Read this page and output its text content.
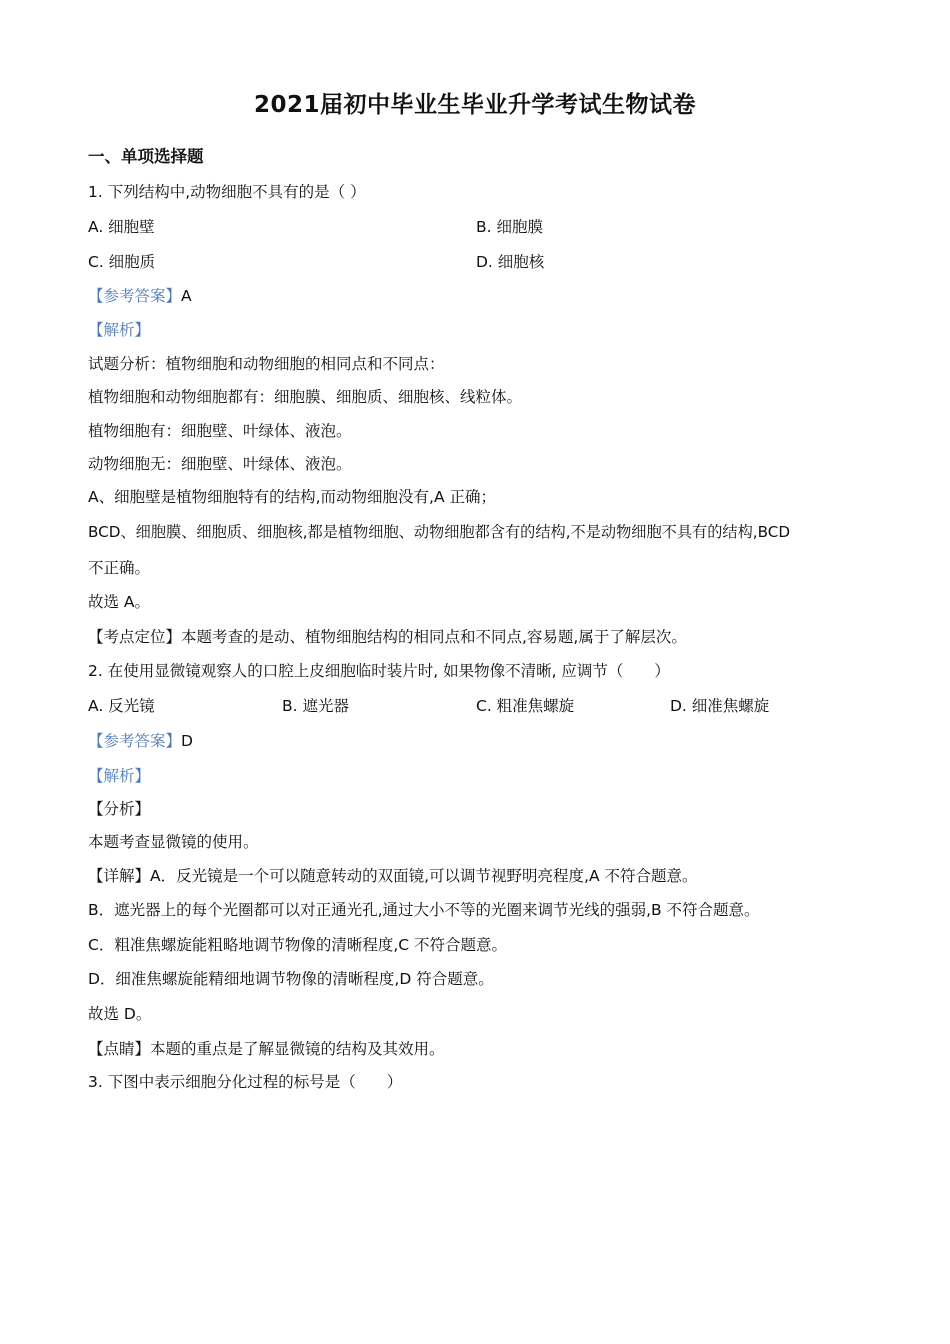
2021届初中毕业生毕业升学考试生物试卷
一、单项选择题
1. 下列结构中,动物细胞不具有的是（ ）
A. 细胞壁	B. 细胞膜
C. 细胞质	D. 细胞核
【参考答案】A
【解析】
试题分析：植物细胞和动物细胞的相同点和不同点：
植物细胞和动物细胞都有：细胞膜、细胞质、细胞核、线粒体。
植物细胞有：细胞壁、叶绿体、液泡。
动物细胞无：细胞壁、叶绿体、液泡。
A、细胞壁是植物细胞特有的结构,而动物细胞没有,A 正确；
BCD、细胞膜、细胞质、细胞核,都是植物细胞、动物细胞都含有的结构,不是动物细胞不具有的结构,BCD
不正确。
故选 A。
【考点定位】本题考查的是动、植物细胞结构的相同点和不同点,容易题,属于了解层次。
2. 在使用显微镜观察人的口腔上皮细胞临时装片时, 如果物像不清晰, 应调节（　　）
A. 反光镜	B. 遮光器	C. 粗准焦螺旋	D. 细准焦螺旋
【参考答案】D
【解析】
【分析】
本题考查显微镜的使用。
【详解】A．反光镜是一个可以随意转动的双面镜,可以调节视野明亮程度,A 不符合题意。
B．遮光器上的每个光圈都可以对正通光孔,通过大小不等的光圈来调节光线的强弱,B 不符合题意。
C．粗准焦螺旋能粗略地调节物像的清晰程度,C 不符合题意。
D．细准焦螺旋能精细地调节物像的清晰程度,D 符合题意。
故选 D。
【点睛】本题的重点是了解显微镜的结构及其效用。
3. 下图中表示细胞分化过程的标号是（　　）
